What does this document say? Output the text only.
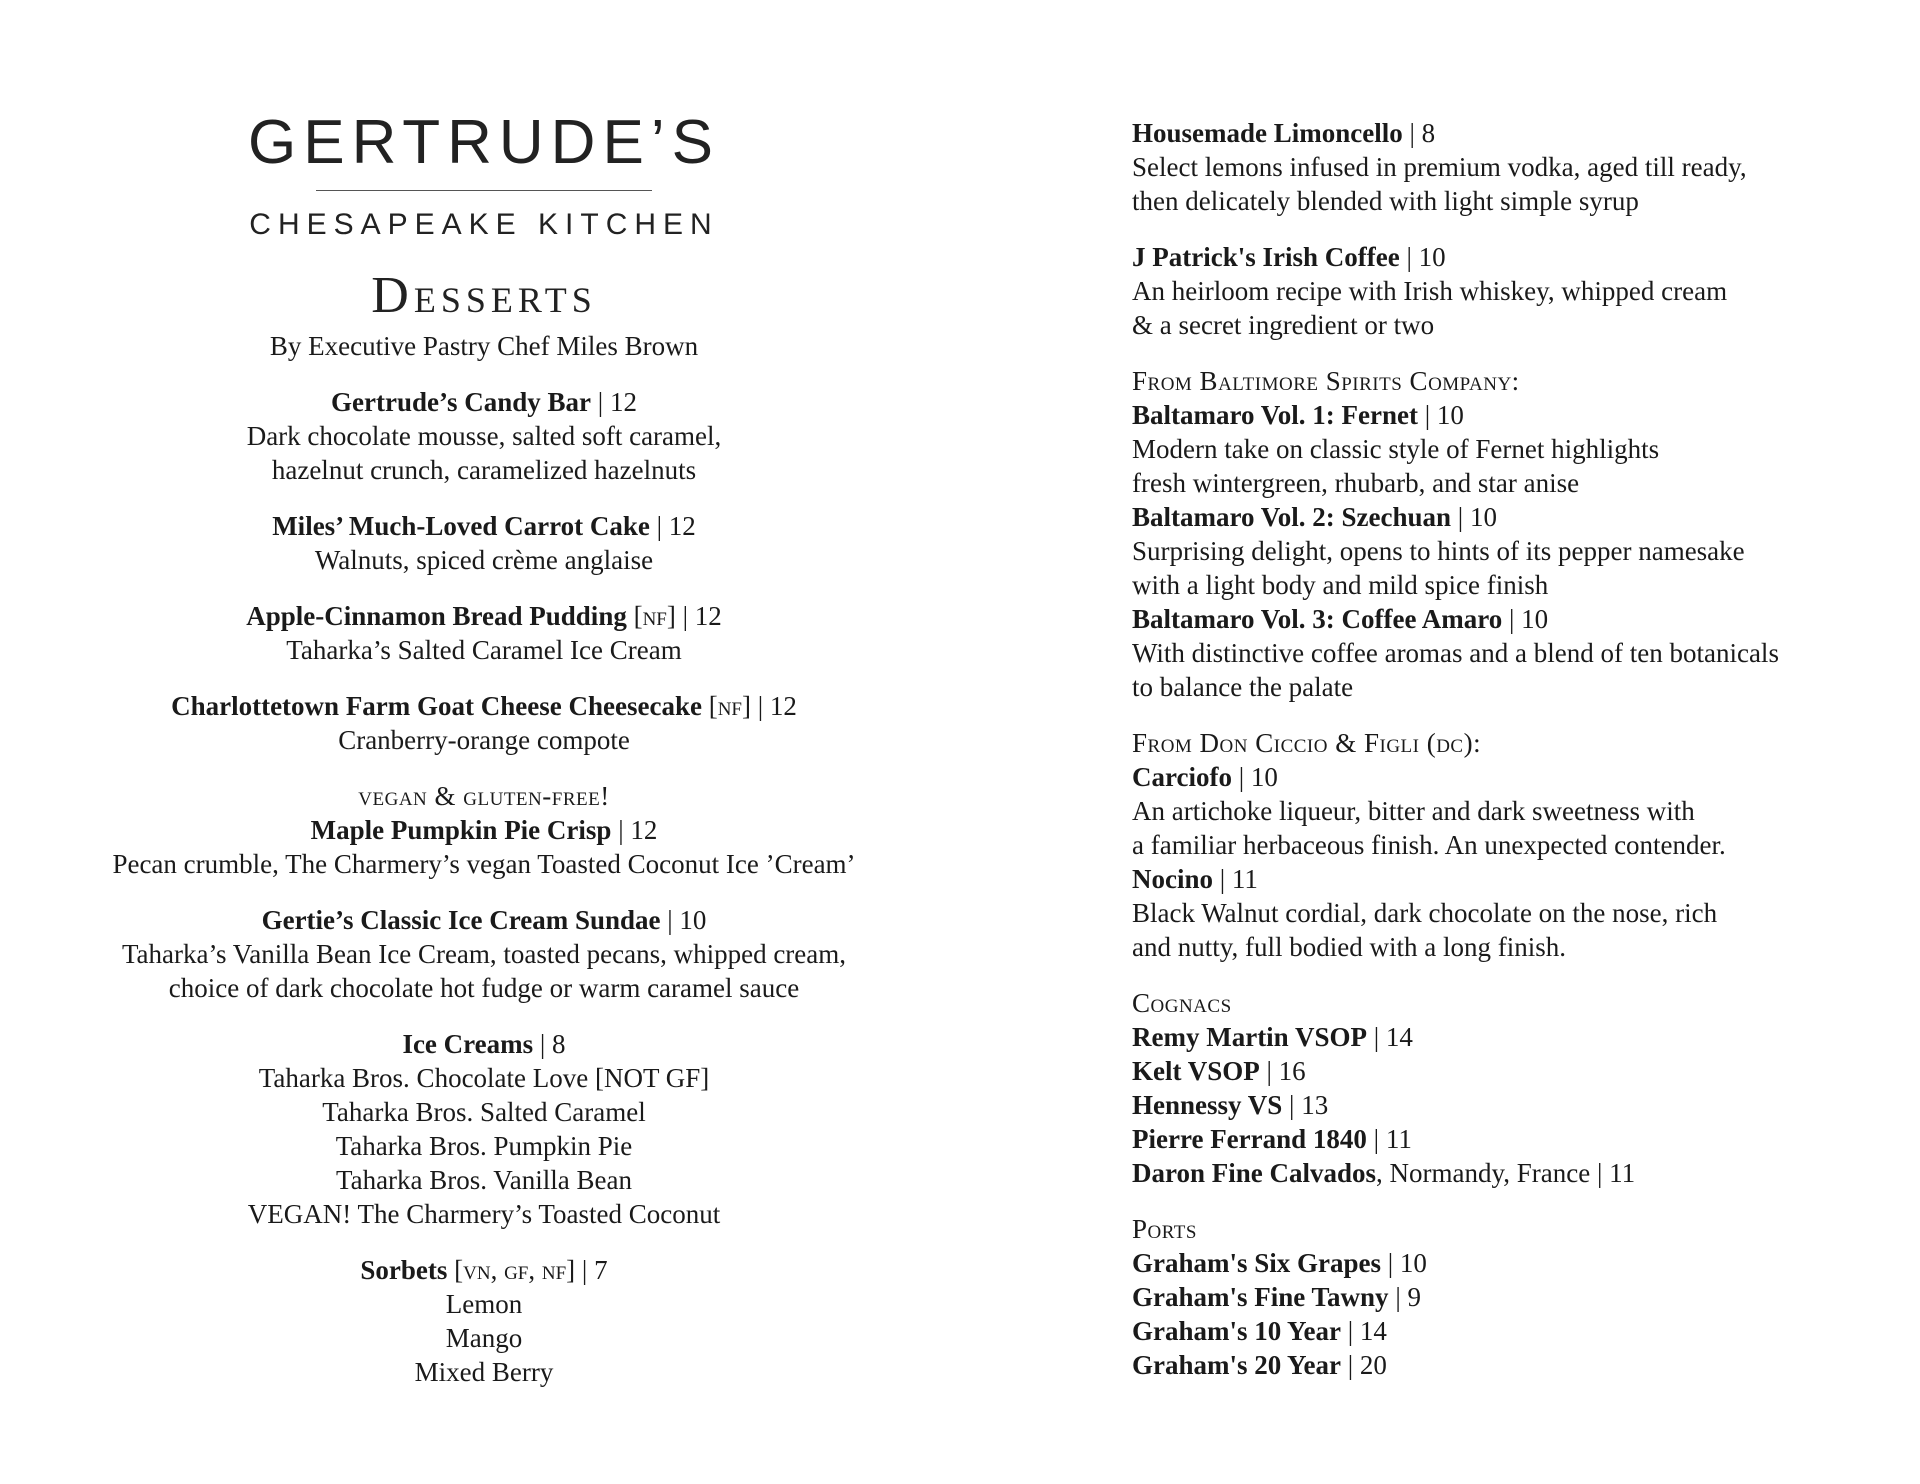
GERTRUDE’S
CHESAPEAKE KITCHEN
Desserts
By Executive Pastry Chef Miles Brown
Gertrude’s Candy Bar | 12
Dark chocolate mousse, salted soft caramel,
hazelnut crunch, caramelized hazelnuts
Miles’ Much-Loved Carrot Cake | 12
Walnuts, spiced crème anglaise
Apple-Cinnamon Bread Pudding [nf] | 12
Taharka’s Salted Caramel Ice Cream
Charlottetown Farm Goat Cheese Cheesecake [nf] | 12
Cranberry-orange compote
vegan & gluten-free!
Maple Pumpkin Pie Crisp | 12
Pecan crumble, The Charmery’s vegan Toasted Coconut Ice ’Cream’
Gertie’s Classic Ice Cream Sundae | 10
Taharka’s Vanilla Bean Ice Cream, toasted pecans, whipped cream,
choice of dark chocolate hot fudge or warm caramel sauce
Ice Creams | 8
Taharka Bros. Chocolate Love [NOT GF]
Taharka Bros. Salted Caramel
Taharka Bros. Pumpkin Pie
Taharka Bros. Vanilla Bean
VEGAN! The Charmery’s Toasted Coconut
Sorbets [vn, gf, nf] | 7
Lemon
Mango
Mixed Berry
Housemade Limoncello | 8
Select lemons infused in premium vodka, aged till ready,
then delicately blended with light simple syrup
J Patrick's Irish Coffee | 10
An heirloom recipe with Irish whiskey, whipped cream
& a secret ingredient or two
From Baltimore Spirits Company:
Baltamaro Vol. 1: Fernet | 10
Modern take on classic style of Fernet highlights
fresh wintergreen, rhubarb, and star anise
Baltamaro Vol. 2: Szechuan | 10
Surprising delight, opens to hints of its pepper namesake
with a light body and mild spice finish
Baltamaro Vol. 3: Coffee Amaro | 10
With distinctive coffee aromas and a blend of ten botanicals
to balance the palate
From Don Ciccio & Figli (dc):
Carciofo | 10
An artichoke liqueur, bitter and dark sweetness with
a familiar herbaceous finish. An unexpected contender.
Nocino | 11
Black Walnut cordial, dark chocolate on the nose, rich
and nutty, full bodied with a long finish.
Cognacs
Remy Martin VSOP | 14
Kelt VSOP | 16
Hennessy VS | 13
Pierre Ferrand 1840 | 11
Daron Fine Calvados, Normandy, France | 11
Ports
Graham's Six Grapes | 10
Graham's Fine Tawny | 9
Graham's 10 Year | 14
Graham's 20 Year | 20
